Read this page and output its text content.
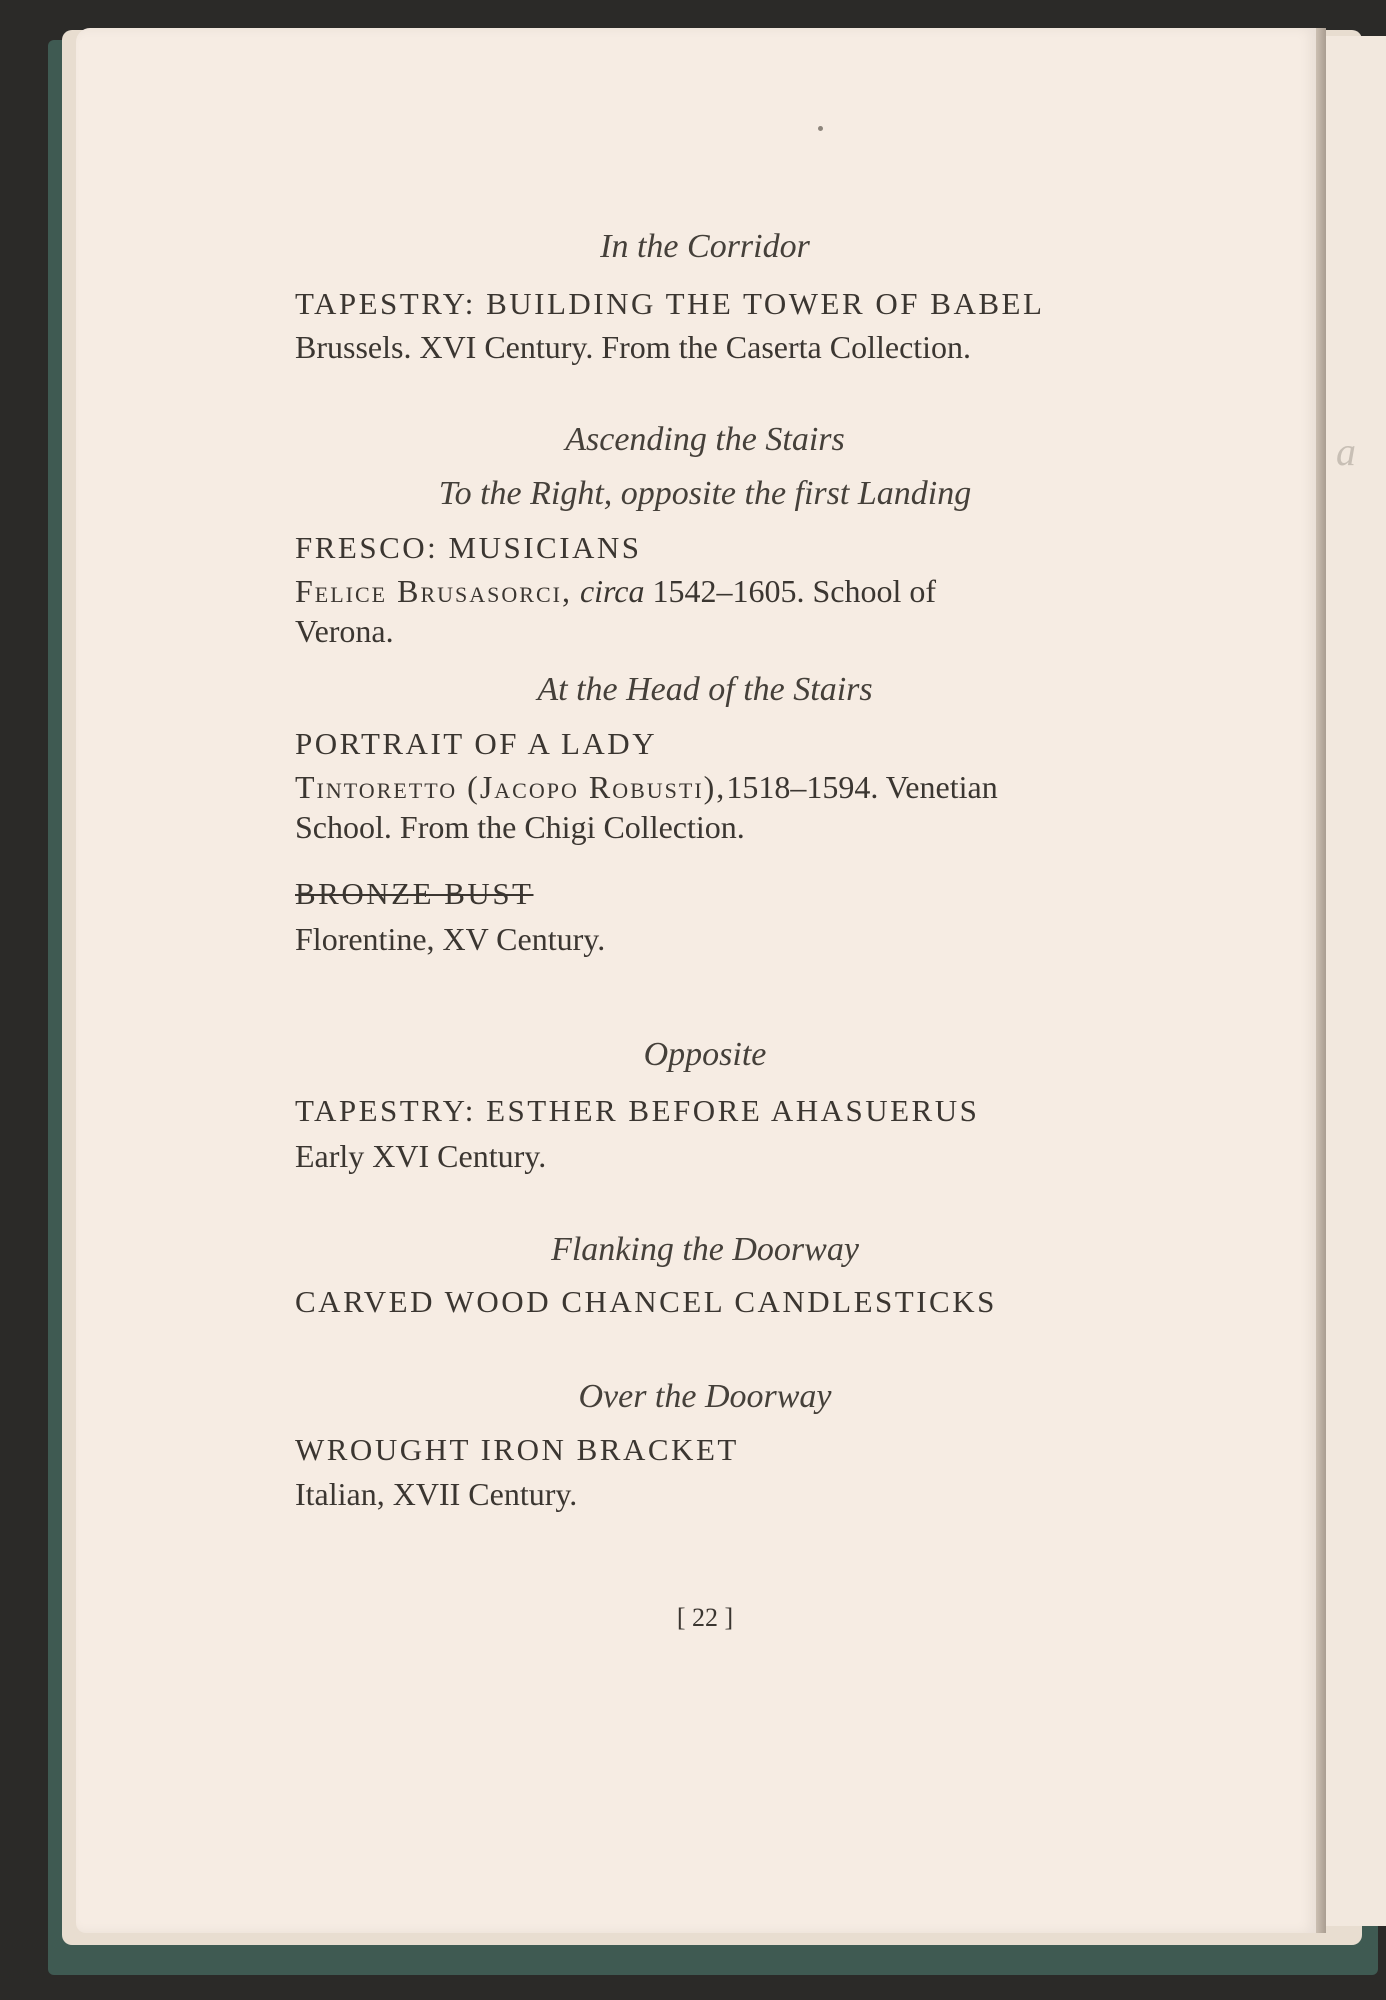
a
In the Corridor
TAPESTRY: BUILDING THE TOWER OF BABEL
Brussels. XVI Century. From the Caserta Collection.
Ascending the Stairs
To the Right, opposite the first Landing
FRESCO: MUSICIANS
Felice Brusasorci, circa 1542–1605. School of
Verona.
At the Head of the Stairs
PORTRAIT OF A LADY
Tintoretto (Jacopo Robusti),1518–1594. Venetian
School. From the Chigi Collection.
BRONZE BUST
Florentine, XV Century.
Opposite
TAPESTRY: ESTHER BEFORE AHASUERUS
Early XVI Century.
Flanking the Doorway
CARVED WOOD CHANCEL CANDLESTICKS
Over the Doorway
WROUGHT IRON BRACKET
Italian, XVII Century.
[ 22 ]
